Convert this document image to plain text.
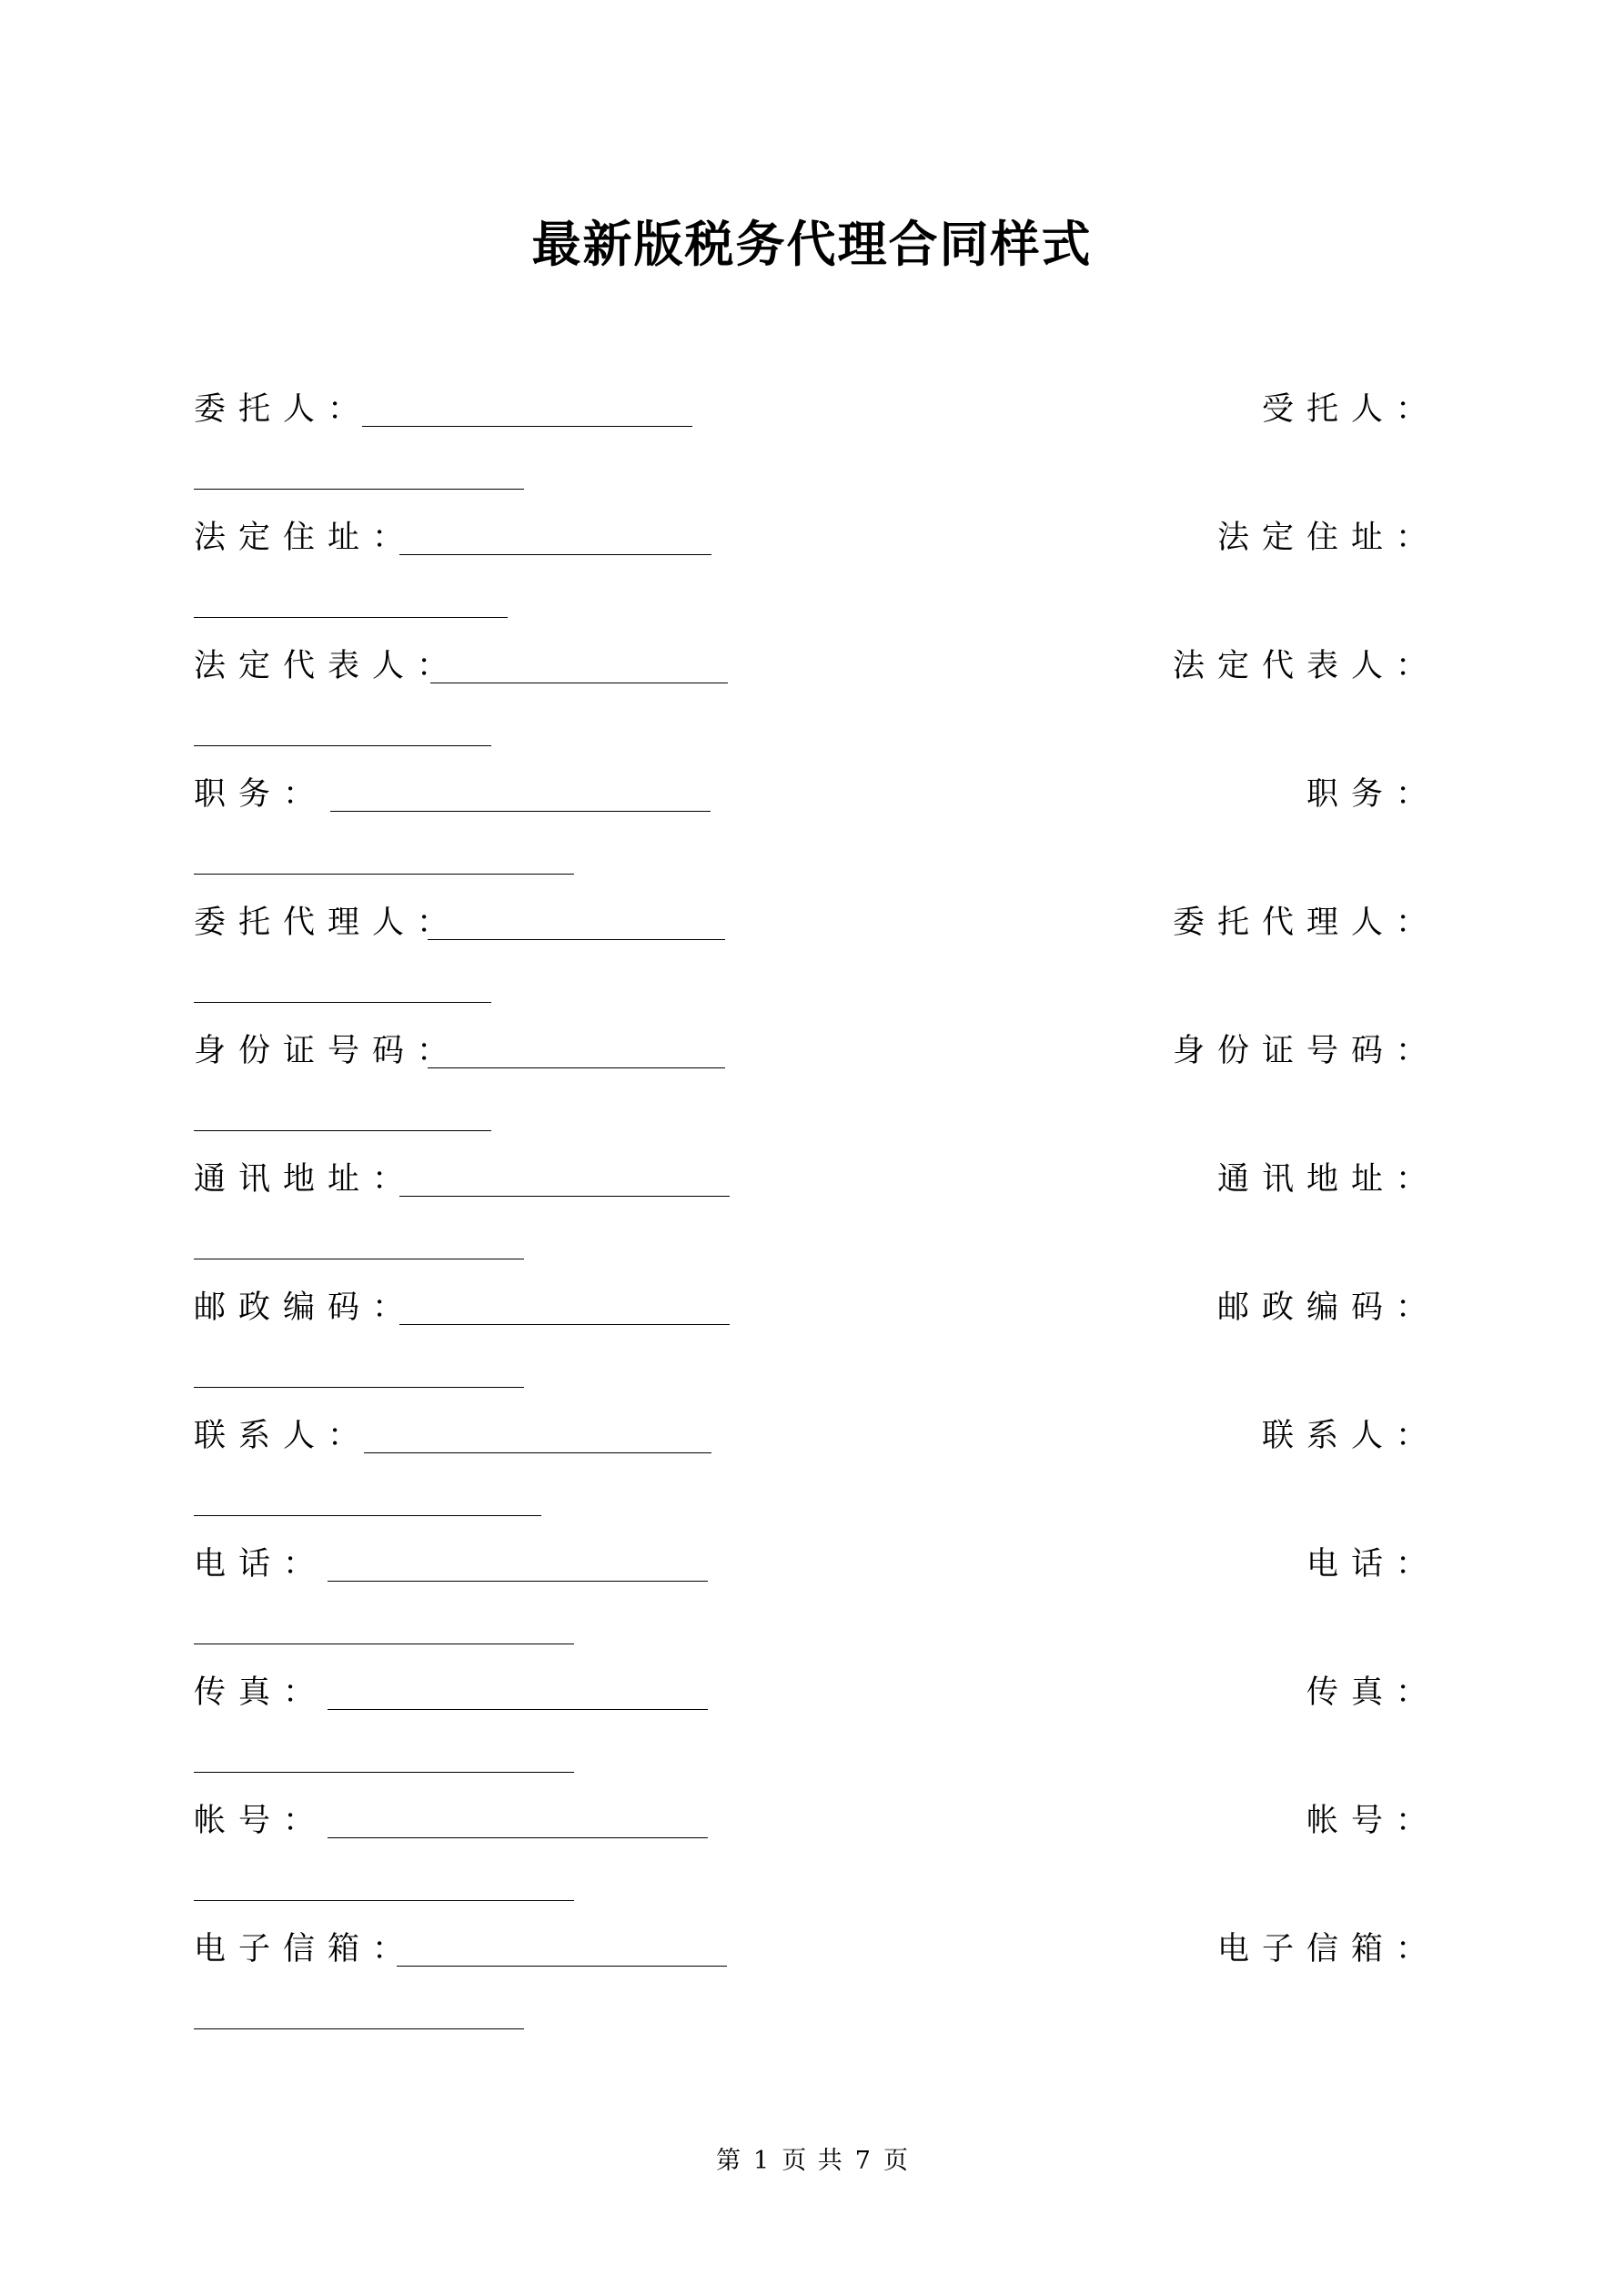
最新版税务代理合同样式
委托人：	受托人：
法定住址：	法定住址：
法定代表人：	法定代表人：
职务：	职务：
委托代理人：	委托代理人：
身份证号码：	身份证号码：
通讯地址：	通讯地址：
邮政编码：	邮政编码：
联系人：	联系人：
电话：	电话：
传真：	传真：
帐号：	帐号：
电子信箱：	电子信箱：
第 1 页 共 7 页
